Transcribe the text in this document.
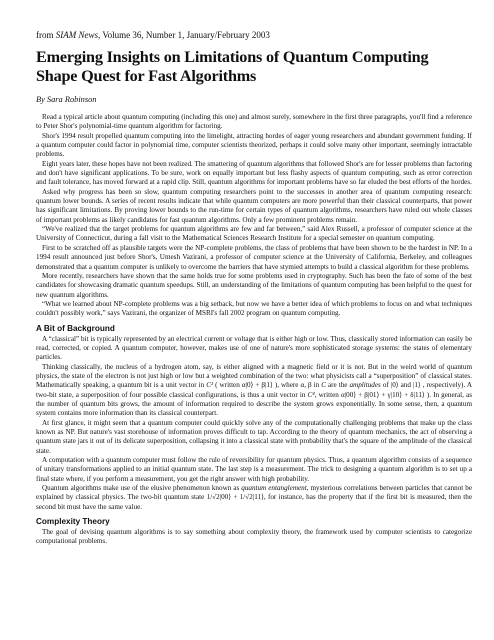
from SIAM News, Volume 36, Number 1, January/February 2003
Emerging Insights on Limitations of Quantum Computing Shape Quest for Fast Algorithms
By Sara Robinson

Read a typical article about quantum computing (including this one) and almost surely, somewhere in the first three paragraphs, you'll find a reference to Peter Shor's polynomial-time quantum algorithm for factoring.

Shor's 1994 result propelled quantum computing into the limelight, attracting hordes of eager young researchers and abundant government funding. If a quantum computer could factor in polynomial time, computer scientists theorized, perhaps it could solve many other important, seemingly intractable problems.

Eight years later, these hopes have not been realized. The smattering of quantum algorithms that followed Shor's are for lesser problems than factoring and don't have significant applications. To be sure, work on equally important but less flashy aspects of quantum computing, such as error correction and fault tolerance, has moved forward at a rapid clip. Still, quantum algorithms for important problems have so far eluded the best efforts of the hordes.

Asked why progress has been so slow, quantum computing researchers point to the successes in another area of quantum computing research: quantum lower bounds. A series of recent results indicate that while quantum computers are more powerful than their classical counterparts, that power has significant limitations. By proving lower bounds to the run-time for certain types of quantum algorithms, researchers have ruled out whole classes of important problems as likely candidates for fast quantum algorithms. Only a few prominent problems remain.

“We've realized that the target problems for quantum algorithms are few and far between,” said Alex Russell, a professor of computer science at the University of Connecticut, during a fall visit to the Mathematical Sciences Research Institute for a special semester on quantum computing.

First to be scratched off as plausible targets were the NP-complete problems, the class of problems that have been shown to be the hardest in NP. In a 1994 result announced just before Shor's, Umesh Vazirani, a professor of computer science at the University of California, Berkeley, and colleagues demonstrated that a quantum computer is unlikely to overcome the barriers that have stymied attempts to build a classical algorithm for these problems.

More recently, researchers have shown that the same holds true for some problems used in cryptography. Such has been the fate of some of the best candidates for showcasing dramatic quantum speedups. Still, an understanding of the limitations of quantum computing has been helpful to the quest for new quantum algorithms.

“What we learned about NP-complete problems was a big setback, but now we have a better idea of which problems to focus on and what techniques couldn't possibly work,” says Vazirani, the organizer of MSRI's fall 2002 program on quantum computing.

A Bit of Background

A “classical” bit is typically represented by an electrical current or voltage that is either high or low. Thus, classically stored information can easily be read, corrected, or copied. A quantum computer, however, makes use of one of nature's more sophisticated storage systems: the states of elementary particles.

Thinking classically, the nucleus of a hydrogen atom, say, is either aligned with a magnetic field or it is not. But in the weird world of quantum physics, the state of the electron is not just high or low but a weighted combination of the two: what physicists call a “superposition” of classical states. Mathematically speaking, a quantum bit is a unit vector in C² ( written α|0⟩ + β|1⟩ ), where α, β in C are the amplitudes of |0⟩ and |1⟩ , respectively). A two-bit state, a superposition of four possible classical configurations, is thus a unit vector in C⁴, written α|00⟩ + β|01⟩ + γ|10⟩ + δ|11⟩ ). In general, as the number of quantum bits grows, the amount of information required to describe the system grows exponentially. In some sense, then, a quantum system contains more information than its classical counterpart.

At first glance, it might seem that a quantum computer could quickly solve any of the computationally challenging problems that make up the class known as NP. But nature's vast storehouse of information proves difficult to tap. According to the theory of quantum mechanics, the act of observing a quantum state jars it out of its delicate superposition, collapsing it into a classical state with probability that's the square of the amplitude of the classical state.

A computation with a quantum computer must follow the rule of reversibility for quantum physics. Thus, a quantum algorithm consists of a sequence of unitary transformations applied to an initial quantum state. The last step is a measurement. The trick to designing a quantum algorithm is to set up a final state where, if you perform a measurement, you get the right answer with high probability.

Quantum algorithms make use of the elusive phenomenon known as quantum entanglement, mysterious correlations between particles that cannot be explained by classical physics. The two-bit quantum state 1/√2|00⟩ + 1/√2|11⟩, for instance, has the property that if the first bit is measured, then the second bit must have the same value.

Complexity Theory

The goal of devising quantum algorithms is to say something about complexity theory, the framework used by computer scientists to categorize computational problems.
